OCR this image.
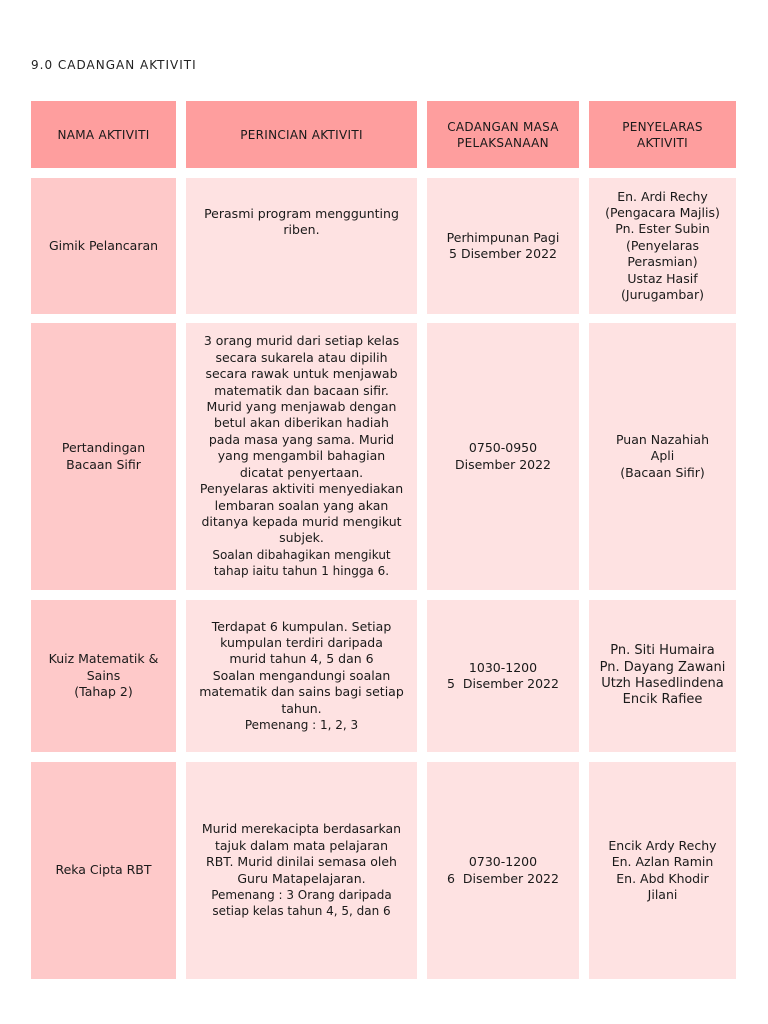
9.0 CADANGAN AKTIVITI
NAMA AKTIVITI	PERINCIAN AKTIVITI
CADANGAN MASA
PELAKSANAAN
PENYELARAS
AKTIVITI
Gimik Pelancaran
Perasmi program menggunting
riben.	Perhimpunan Pagi
5 Disember 2022
En. Ardi Rechy
(Pengacara Majlis)
Pn. Ester Subin
(Penyelaras
Perasmian)
Ustaz Hasif
(Jurugambar)
Pertandingan
Bacaan Sifir
3 orang murid dari setiap kelas
secara sukarela atau dipilih
secara rawak untuk menjawab
matematik dan bacaan sifir.
Murid yang menjawab dengan
betul akan diberikan hadiah
pada masa yang sama. Murid
yang mengambil bahagian
dicatat penyertaan.
Penyelaras aktiviti menyediakan
lembaran soalan yang akan
ditanya kepada murid mengikut
subjek.
Soalan dibahagikan mengikut
tahap iaitu tahun 1 hingga 6.
0750-0950
Disember 2022
Puan Nazahiah
Apli
(Bacaan Sifir)
Kuiz Matematik &
Sains
(Tahap 2)
Terdapat 6 kumpulan. Setiap
kumpulan terdiri daripada
murid tahun 4, 5 dan 6
Soalan mengandungi soalan
matematik dan sains bagi setiap
tahun.
Pemenang : 1, 2, 3
1030-1200
5  Disember 2022
Pn. Siti Humaira
Pn. Dayang Zawani
Utzh Hasedlindena
Encik Rafiee
Reka Cipta RBT
Murid merekacipta berdasarkan
tajuk dalam mata pelajaran
RBT. Murid dinilai semasa oleh
Guru Matapelajaran.
Pemenang : 3 Orang daripada
setiap kelas tahun 4, 5, dan 6
0730-1200
6  Disember 2022
Encik Ardy Rechy
En. Azlan Ramin
En. Abd Khodir
Jilani
